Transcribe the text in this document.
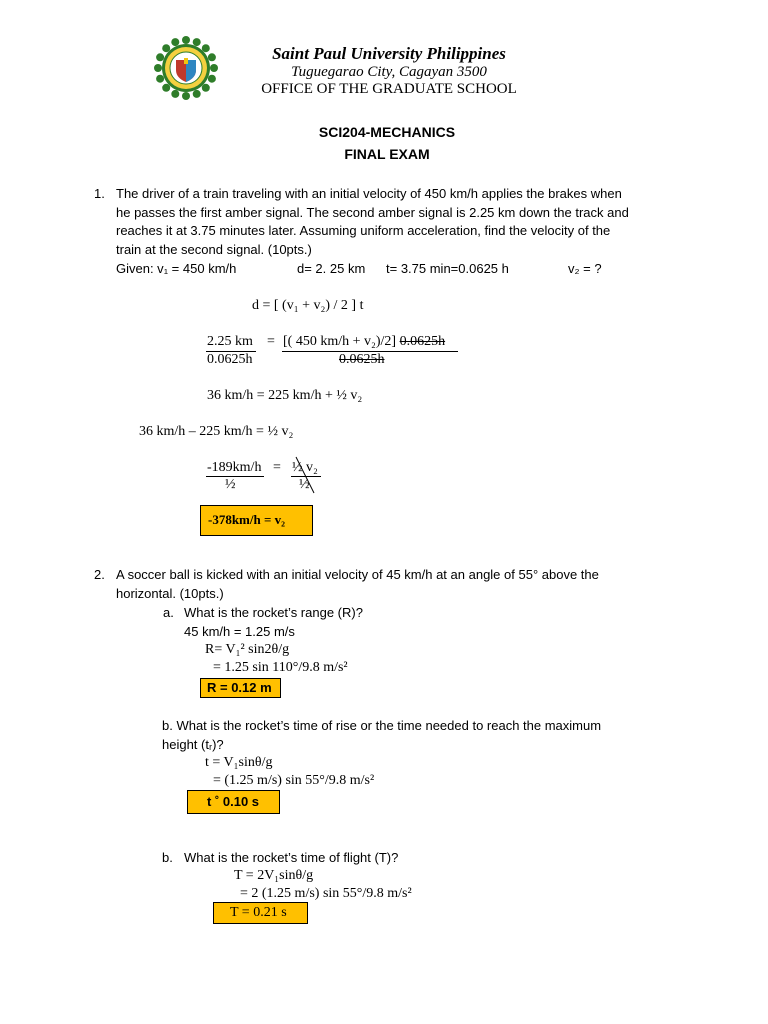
Saint Paul University Philippines
Tuguegarao City, Cagayan 3500
OFFICE OF THE GRADUATE SCHOOL
SCI204-MECHANICS
FINAL EXAM
1. The driver of a train traveling with an initial velocity of 450 km/h applies the brakes when
he passes the first amber signal. The second amber signal is 2.25 km down the track and
reaches it at 3.75 minutes later. Assuming uniform acceleration, find the velocity of the
train at the second signal. (10pts.)
Given: v₁ = 450 km/h	d= 2. 25 km t= 3.75 min=0.0625 h	v₂ = ?
d = [ (v₁ + v₂) / 2 ] t
2.25 km
0.0625h
= [( 450 km/h + v₂)/2] 0.0625h
0.0625h
36 km/h = 225 km/h + ½ v₂
36 km/h – 225 km/h = ½ v₂
-189km/h
½
= ½ v₂
½
-378km/h = v₂
2. A soccer ball is kicked with an initial velocity of 45 km/h at an angle of 55° above the
horizontal. (10pts.)
a. What is the rocket’s range (R)?
45 km/h = 1.25 m/s
R= V₁² sin2θ/g
= 1.25 sin 110°/9.8 m/s²
R = 0.12 m
b. What is the rocket’s time of rise or the time needed to reach the maximum
height (tᵣ)?
t = V₁sinθ/g
= (1.25 m/s) sin 55°/9.8 m/s²
t ˚ 0.10 s
b. What is the rocket’s time of flight (T)?
T = 2V₁sinθ/g
= 2 (1.25 m/s) sin 55°/9.8 m/s²
T = 0.21 s
